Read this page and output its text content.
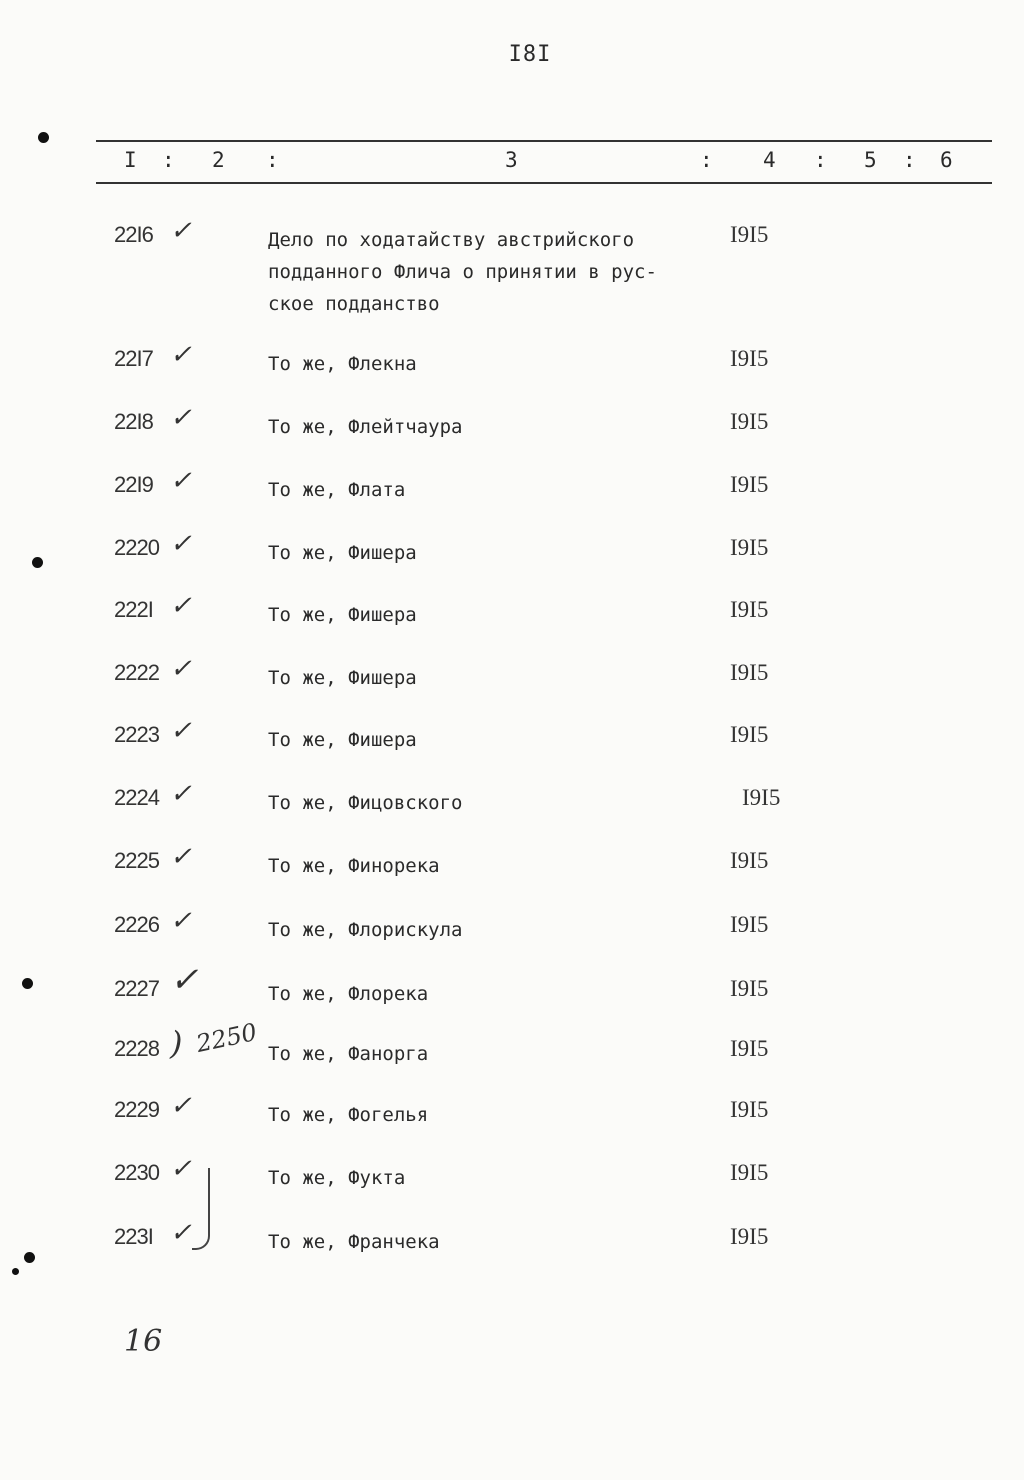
I8I
I : 2 :	3	: 4 : 5 : 6
22I6 ✓	Дело по ходатайству австрийского
подданного Флича о принятии в рус-
ское подданство
I9I5
22I7 ✓	То же, Флекна	I9I5
22I8 ✓	То же, Флейтчаура	I9I5
22I9 ✓	То же, Флата	I9I5
2220 ✓	То же, Фишера	I9I5
222I ✓	То же, Фишера	I9I5
2222 ✓	То же, Фишера	I9I5
2223 ✓	То же, Фишера	I9I5
2224 ✓	То же, Фицовского	I9I5
2225 ✓	То же, Финорека	I9I5
2226 ✓	То же, Флорискула	I9I5
2227 ✓	То же, Флорека	I9I5
2228 ) 2250 То же, Фанорга	I9I5
2229 ✓	То же, Фогелья	I9I5
2230 ✓	То же, Фукта	I9I5
223I ✓	То же, Франчека	I9I5
16
